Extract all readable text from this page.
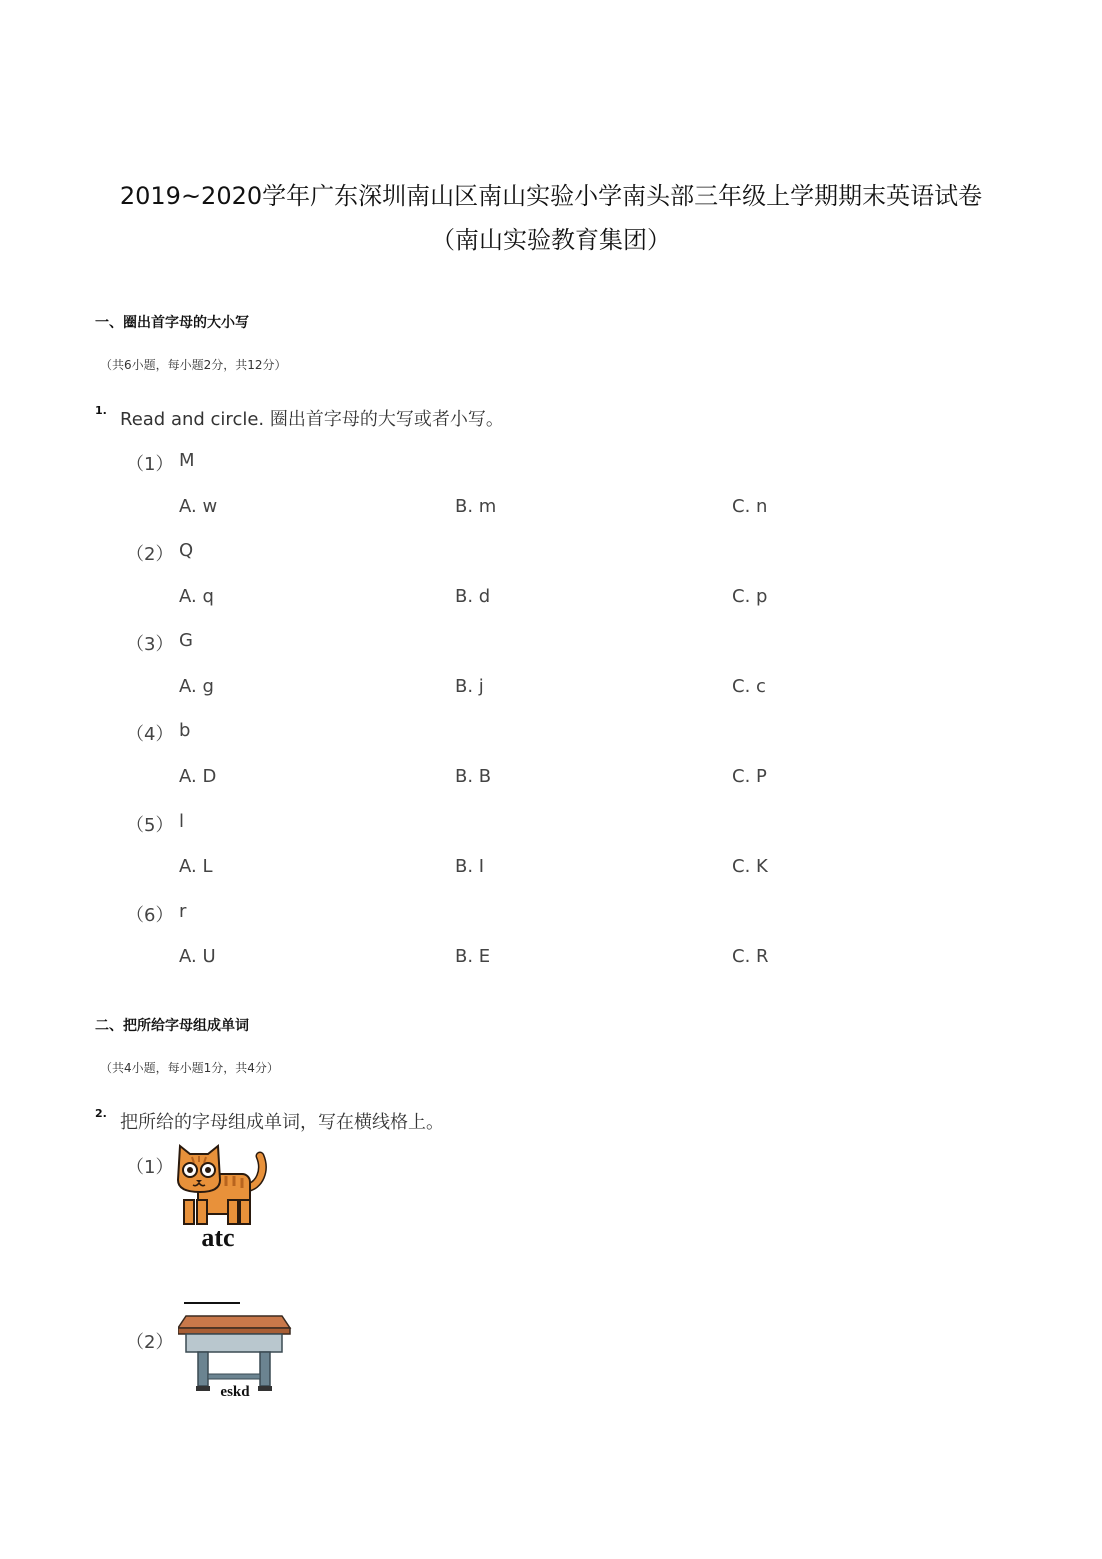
2019~2020学年广东深圳南山区南山实验小学南头部三年级上学期期末英语试卷
（南山实验教育集团）
一、圈出首字母的大小写
（共6小题，每小题2分，共12分）
1. Read and circle. 圈出首字母的大写或者小写。
（1） M
A. w	B. m	C. n
（2） Q
A. q	B. d	C. p
（3） G
A. g	B. j	C. c
（4） b
A. D	B. B	C. P
（5） l
A. L	B. I	C. K
（6） r
A. U	B. E	C. R
二、把所给字母组成单词
（共4小题，每小题1分，共4分）
2. 把所给的字母组成单词，写在横线格上。
（1）
atc
（2）
eskd
